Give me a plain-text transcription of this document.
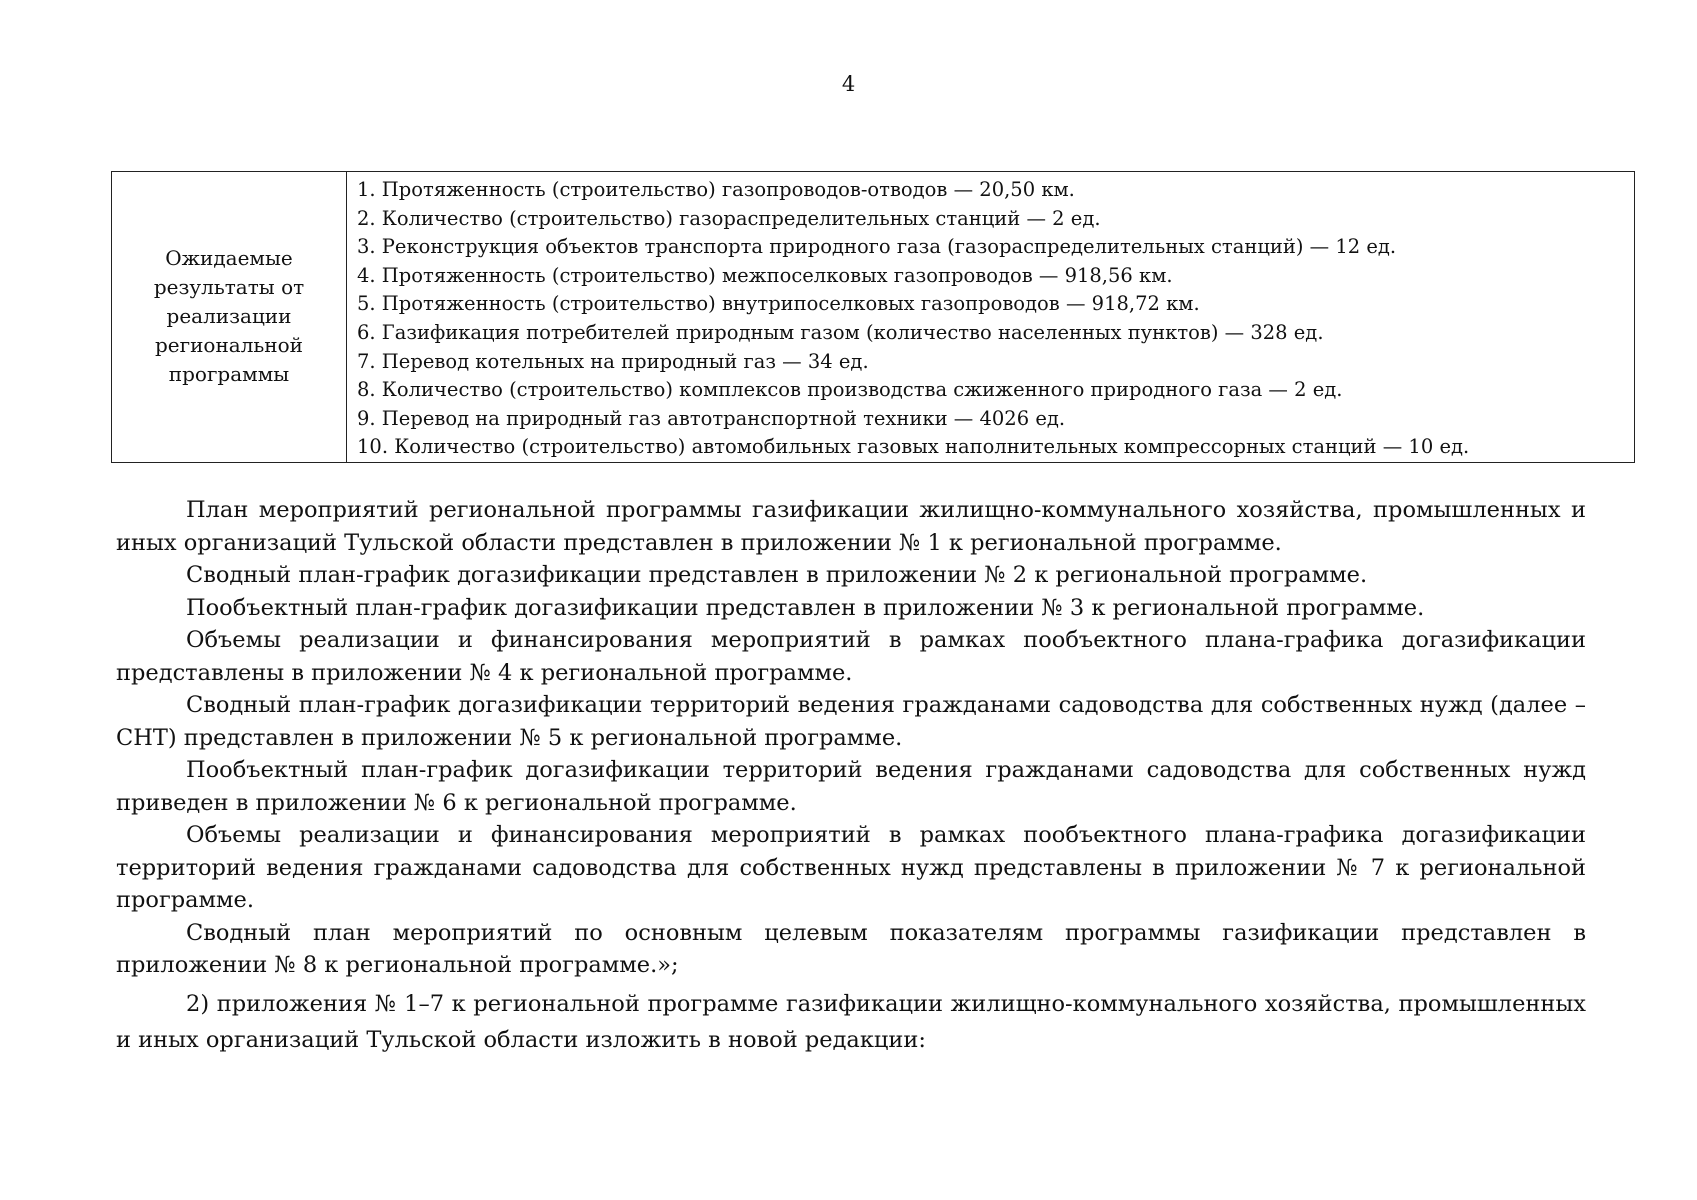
4
Ожидаемые результаты от реализации региональной программы	
1. Протяженность (строительство) газопроводов-отводов — 20,50 км.
2. Количество (строительство) газораспределительных станций — 2 ед.
3. Реконструкция объектов транспорта природного газа (газораспределительных станций) — 12 ед.
4. Протяженность (строительство) межпоселковых газопроводов — 918,56 км.
5. Протяженность (строительство) внутрипоселковых газопроводов — 918,72 км.
6. Газификация потребителей природным газом (количество населенных пунктов) — 328 ед.
7. Перевод котельных на природный газ — 34 ед.
8. Количество (строительство) комплексов производства сжиженного природного газа — 2 ед.
9. Перевод на природный газ автотранспортной техники — 4026 ед.
10. Количество (строительство) автомобильных газовых наполнительных компрессорных станций — 10 ед.

План мероприятий региональной программы газификации жилищно-коммунального хозяйства, промышленных и иных организаций Тульской области представлен в приложении № 1 к региональной программе.

Сводный план-график догазификации представлен в приложении № 2 к региональной программе.

Пообъектный план-график догазификации представлен в приложении № 3 к региональной программе.

Объемы реализации и финансирования мероприятий в рамках пообъектного плана-графика догазификации представлены в приложении № 4 к региональной программе.

Сводный план-график догазификации территорий ведения гражданами садоводства для собственных нужд (далее – СНТ) представлен в приложении № 5 к региональной программе.

Пообъектный план-график догазификации территорий ведения гражданами садоводства для собственных нужд приведен в приложении № 6 к региональной программе.

Объемы реализации и финансирования мероприятий в рамках пообъектного плана-графика догазификации территорий ведения гражданами садоводства для собственных нужд представлены в приложении № 7 к региональной программе.

Сводный план мероприятий по основным целевым показателям программы газификации представлен в приложении № 8 к региональной программе.»;

2) приложения № 1–7 к региональной программе газификации жилищно-коммунального хозяйства, промышленных и иных организаций Тульской области изложить в новой редакции:
